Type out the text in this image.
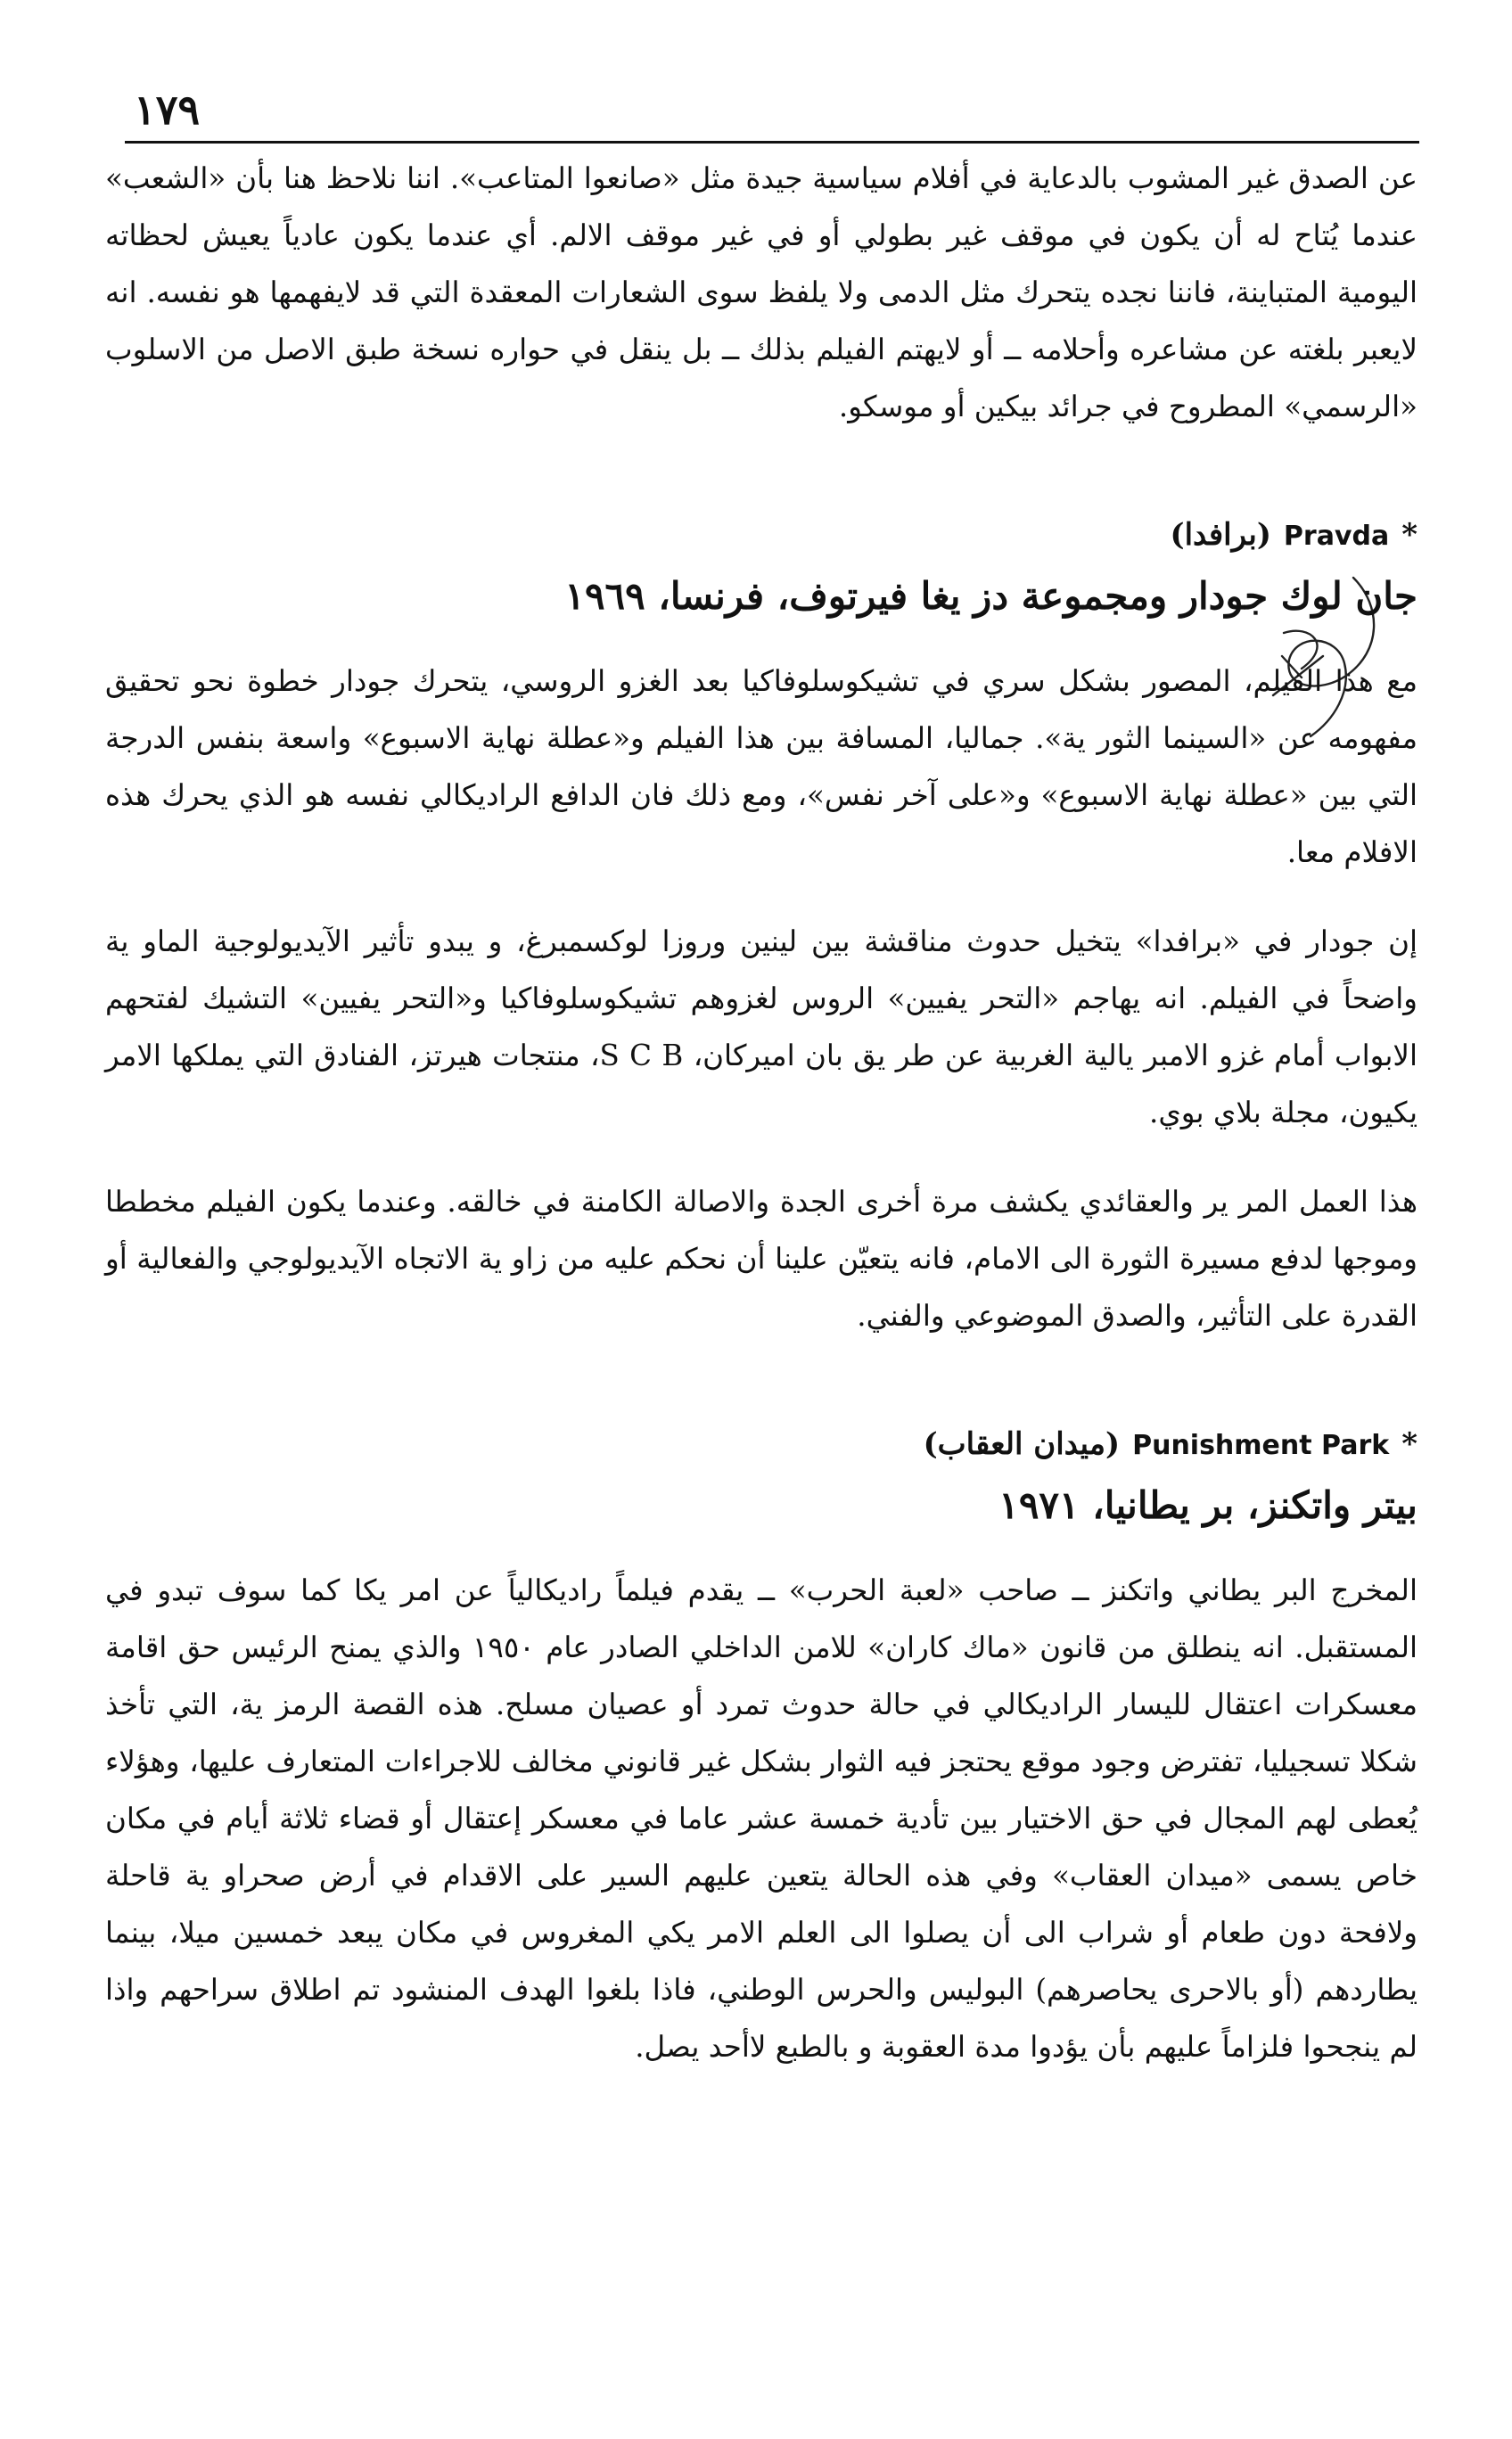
١٧٩

عن الصدق غير المشوب بالدعاية في أفلام سياسية جيدة مثل «صانعوا المتاعب». اننا نلاحظ هنا بأن «الشعب» عندما يُتاح له أن يكون في موقف غير بطولي أو في غير موقف الالم. أي عندما يكون عادياً يعيش لحظاته اليومية المتباينة، فاننا نجده يتحرك مثل الدمى ولا يلفظ سوى الشعارات المعقدة التي قد لايفهمها هو نفسه. انه لايعبر بلغته عن مشاعره وأحلامه ــ أو لايهتم الفيلم بذلك ــ بل ينقل في حواره نسخة طبق الاصل من الاسلوب «الرسمي» المطروح في جرائد بيكين أو موسكو.

*
Pravda
(برافدا)
جان لوك جودار ومجموعة دز يغا فيرتوف، فرنسا، ١٩٦٩

مع هذا الفيلم، المصور بشكل سري في تشيكوسلوفاكيا بعد الغزو الروسي، يتحرك جودار خطوة نحو تحقيق مفهومه عن «السينما الثور ية». جماليا، المسافة بين هذا الفيلم و«عطلة نهاية الاسبوع» واسعة بنفس الدرجة التي بين «عطلة نهاية الاسبوع» و«على آخر نفس»، ومع ذلك فان الدافع الراديكالي نفسه هو الذي يحرك هذه الافلام معا.

إن جودار في «برافدا» يتخيل حدوث مناقشة بين لينين وروزا لوكسمبرغ، و يبدو تأثير الآيديولوجية الماو ية واضحاً في الفيلم. انه يهاجم «التحر يفيين» الروس لغزوهم تشيكوسلوفاكيا و«التحر يفيين» التشيك لفتحهم الابواب أمام غزو الامبر يالية الغربية عن طر يق بان اميركان، S C B، منتجات هيرتز، الفنادق التي يملكها الامر يكيون، مجلة بلاي بوي.

هذا العمل المر ير والعقائدي يكشف مرة أخرى الجدة والاصالة الكامنة في خالقه. وعندما يكون الفيلم مخططا وموجها لدفع مسيرة الثورة الى الامام، فانه يتعيّن علينا أن نحكم عليه من زاو ية الاتجاه الآيديولوجي والفعالية أو القدرة على التأثير، والصدق الموضوعي والفني.

*
Punishment Park
(ميدان العقاب)
بيتر واتكنز، بر يطانيا، ١٩٧١

المخرج البر يطاني واتكنز ــ صاحب «لعبة الحرب» ــ يقدم فيلماً راديكالياً عن امر يكا كما سوف تبدو في المستقبل. انه ينطلق من قانون «ماك كاران» للامن الداخلي الصادر عام ١٩٥٠ والذي يمنح الرئيس حق اقامة معسكرات اعتقال لليسار الراديكالي في حالة حدوث تمرد أو عصيان مسلح. هذه القصة الرمز ية، التي تأخذ شكلا تسجيليا، تفترض وجود موقع يحتجز فيه الثوار بشكل غير قانوني مخالف للاجراءات المتعارف عليها، وهؤلاء يُعطى لهم المجال في حق الاختيار بين تأدية خمسة عشر عاما في معسكر إعتقال أو قضاء ثلاثة أيام في مكان خاص يسمى «ميدان العقاب» وفي هذه الحالة يتعين عليهم السير على الاقدام في أرض صحراو ية قاحلة ولافحة دون طعام أو شراب الى أن يصلوا الى العلم الامر يكي المغروس في مكان يبعد خمسين ميلا، بينما يطاردهم (أو بالاحرى يحاصرهم) البوليس والحرس الوطني، فاذا بلغوا الهدف المنشود تم اطلاق سراحهم واذا لم ينجحوا فلزاماً عليهم بأن يؤدوا مدة العقوبة و بالطبع لاأحد يصل.
